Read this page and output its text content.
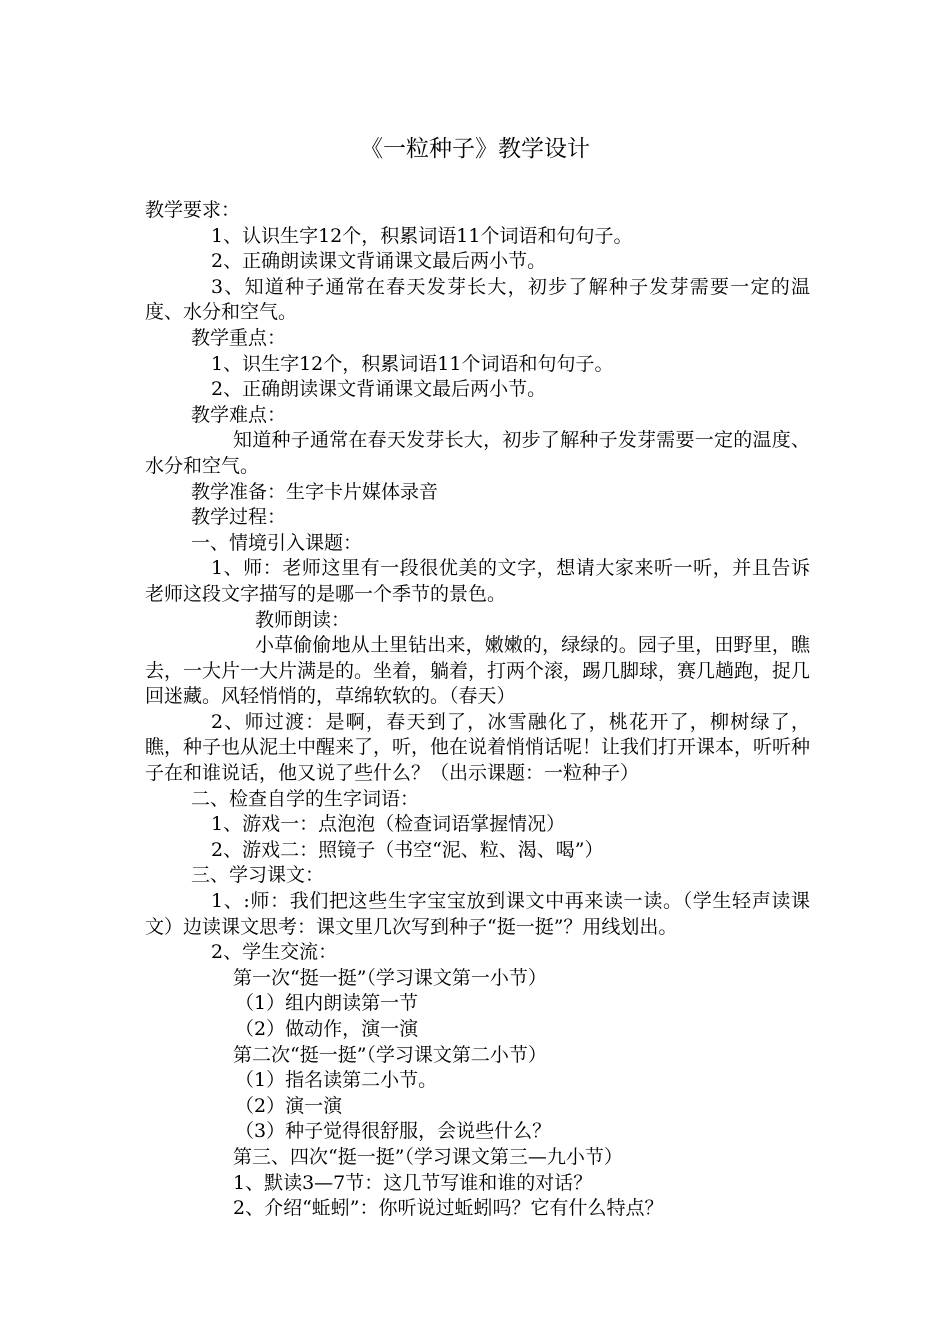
《一粒种子》教学设计
教学要求：
1、认识生字12个，积累词语11个词语和句句子。
2、正确朗读课文背诵课文最后两小节。
3、知道种子通常在春天发芽长大，初步了解种子发芽需要一定的温度、水分和空气。
教学重点：
1、识生字12个，积累词语11个词语和句句子。
2、正确朗读课文背诵课文最后两小节。
教学难点：
知道种子通常在春天发芽长大，初步了解种子发芽需要一定的温度、水分和空气。
教学准备：生字卡片媒体录音
教学过程：
一、情境引入课题：
1、师：老师这里有一段很优美的文字，想请大家来听一听，并且告诉老师这段文字描写的是哪一个季节的景色。
教师朗读：
小草偷偷地从土里钻出来，嫩嫩的，绿绿的。园子里，田野里，瞧去，一大片一大片满是的。坐着，躺着，打两个滚，踢几脚球，赛几趟跑，捉几回迷藏。风轻悄悄的，草绵软软的。（春天）
2、师过渡：是啊，春天到了，冰雪融化了，桃花开了，柳树绿了，瞧，种子也从泥土中醒来了，听，他在说着悄悄话呢！让我们打开课本，听听种子在和谁说话，他又说了些什么？（出示课题：一粒种子）
二、检查自学的生字词语：
1、游戏一：点泡泡（检查词语掌握情况）
2、游戏二：照镜子（书空“泥、粒、渴、喝”）
三、学习课文：
1、:师：我们把这些生字宝宝放到课文中再来读一读。（学生轻声读课文）边读课文思考：课文里几次写到种子“挺一挺”？用线划出。
2、学生交流：
第一次“挺一挺”（学习课文第一小节）
（1）组内朗读第一节
（2）做动作，演一演
第二次“挺一挺”（学习课文第二小节）
（1）指名读第二小节。
（2）演一演
（3）种子觉得很舒服，会说些什么？
第三、四次“挺一挺”（学习课文第三—九小节）
1、默读3—7节：这几节写谁和谁的对话？
2、介绍“蚯蚓”：你听说过蚯蚓吗？它有什么特点？
